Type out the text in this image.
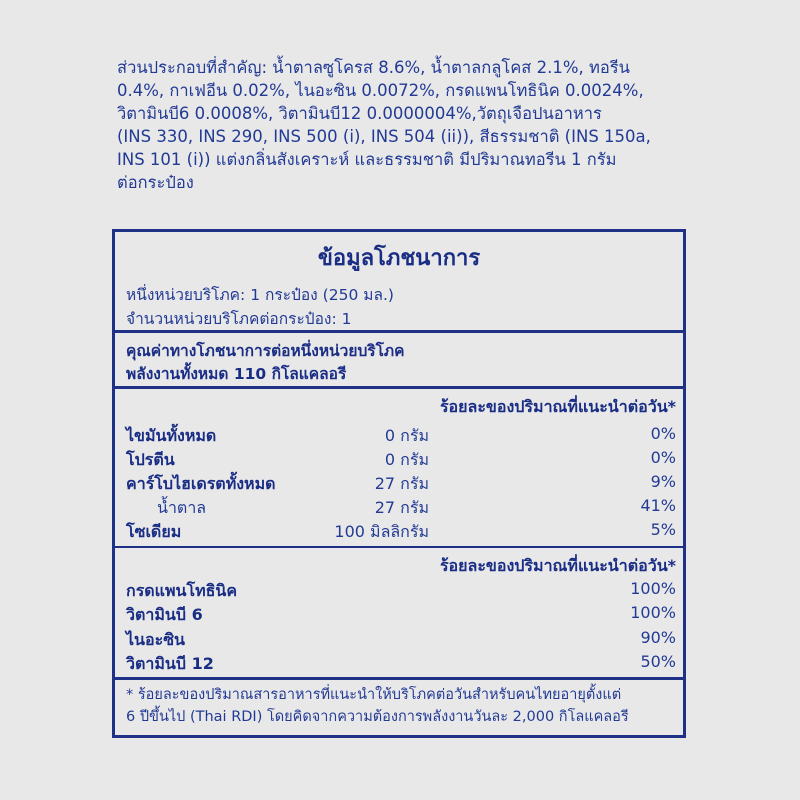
ส่วนประกอบที่สำคัญ: น้ำตาลซูโครส 8.6%, น้ำตาลกลูโคส 2.1%, ทอรีน
0.4%, กาเฟอีน 0.02%, ไนอะซิน 0.0072%, กรดแพนโทธินิค 0.0024%,
วิตามินบี6 0.0008%, วิตามินบี12 0.0000004%,วัตถุเจือปนอาหาร
(INS 330, INS 290, INS 500 (i), INS 504 (ii)), สีธรรมชาติ (INS 150a,
INS 101 (i)) แต่งกลิ่นสังเคราะห์ และธรรมชาติ มีปริมาณทอรีน 1 กรัม
ต่อกระป๋อง
ข้อมูลโภชนาการ
หนึ่งหน่วยบริโภค: 1 กระป๋อง (250 มล.)
จำนวนหน่วยบริโภคต่อกระป๋อง: 1
คุณค่าทางโภชนาการต่อหนึ่งหน่วยบริโภค
พลังงานทั้งหมด 110 กิโลแคลอรี
ร้อยละของปริมาณที่แนะนำต่อวัน*
ไขมันทั้งหมด	0 กรัม	0%
โปรตีน	0 กรัม	0%
คาร์โบไฮเดรตทั้งหมด	27 กรัม	9%
น้ำตาล	27 กรัม	41%
โซเดียม	100 มิลลิกรัม	5%
ร้อยละของปริมาณที่แนะนำต่อวัน*
กรดแพนโทธินิค	100%
วิตามินบี 6	100%
ไนอะซิน	90%
วิตามินบี 12	50%
* ร้อยละของปริมาณสารอาหารที่แนะนำให้บริโภคต่อวันสำหรับคนไทยอายุตั้งแต่
6 ปีขึ้นไป (Thai RDI) โดยคิดจากความต้องการพลังงานวันละ 2,000 กิโลแคลอรี
